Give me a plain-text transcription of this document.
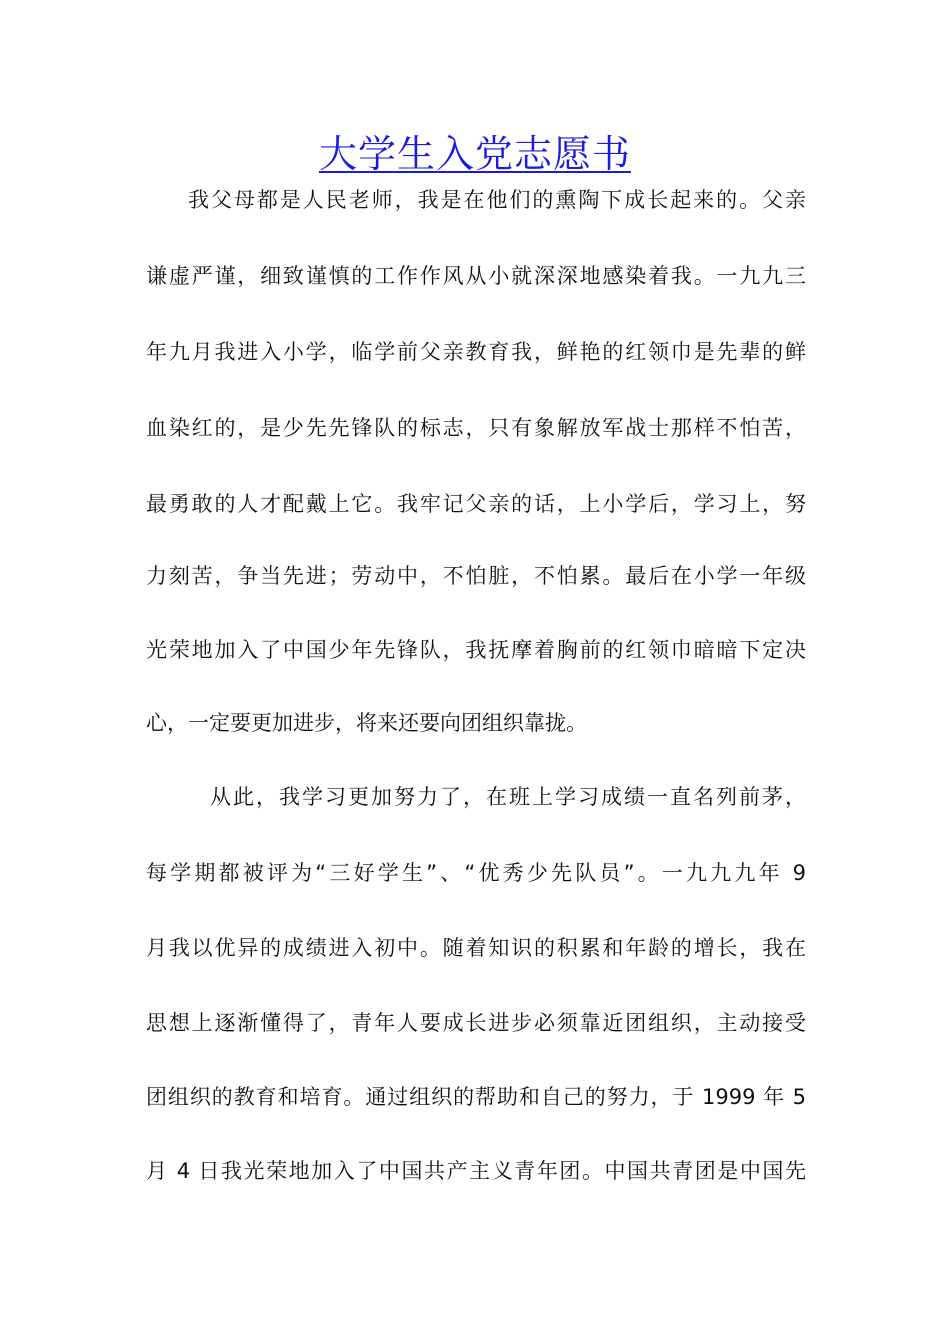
大学生入党志愿书

我父母都是人民老师，我是在他们的熏陶下成长起来的。父亲

谦虚严谨，细致谨慎的工作作风从小就深深地感染着我。一九九三

年九月我进入小学，临学前父亲教育我，鲜艳的红领巾是先辈的鲜

血染红的，是少先先锋队的标志，只有象解放军战士那样不怕苦，

最勇敢的人才配戴上它。我牢记父亲的话，上小学后，学习上，努

力刻苦，争当先进；劳动中，不怕脏，不怕累。最后在小学一年级

光荣地加入了中国少年先锋队，我抚摩着胸前的红领巾暗暗下定决

心，一定要更加进步，将来还要向团组织靠拢。

从此，我学习更加努力了，在班上学习成绩一直名列前茅，

每学期都被评为“三好学生”、“优秀少先队员”。一九九九年 9

月我以优异的成绩进入初中。随着知识的积累和年龄的增长，我在

思想上逐渐懂得了，青年人要成长进步必须靠近团组织，主动接受

团组织的教育和培育。通过组织的帮助和自己的努力，于 1999 年 5

月 4 日我光荣地加入了中国共产主义青年团。中国共青团是中国先
